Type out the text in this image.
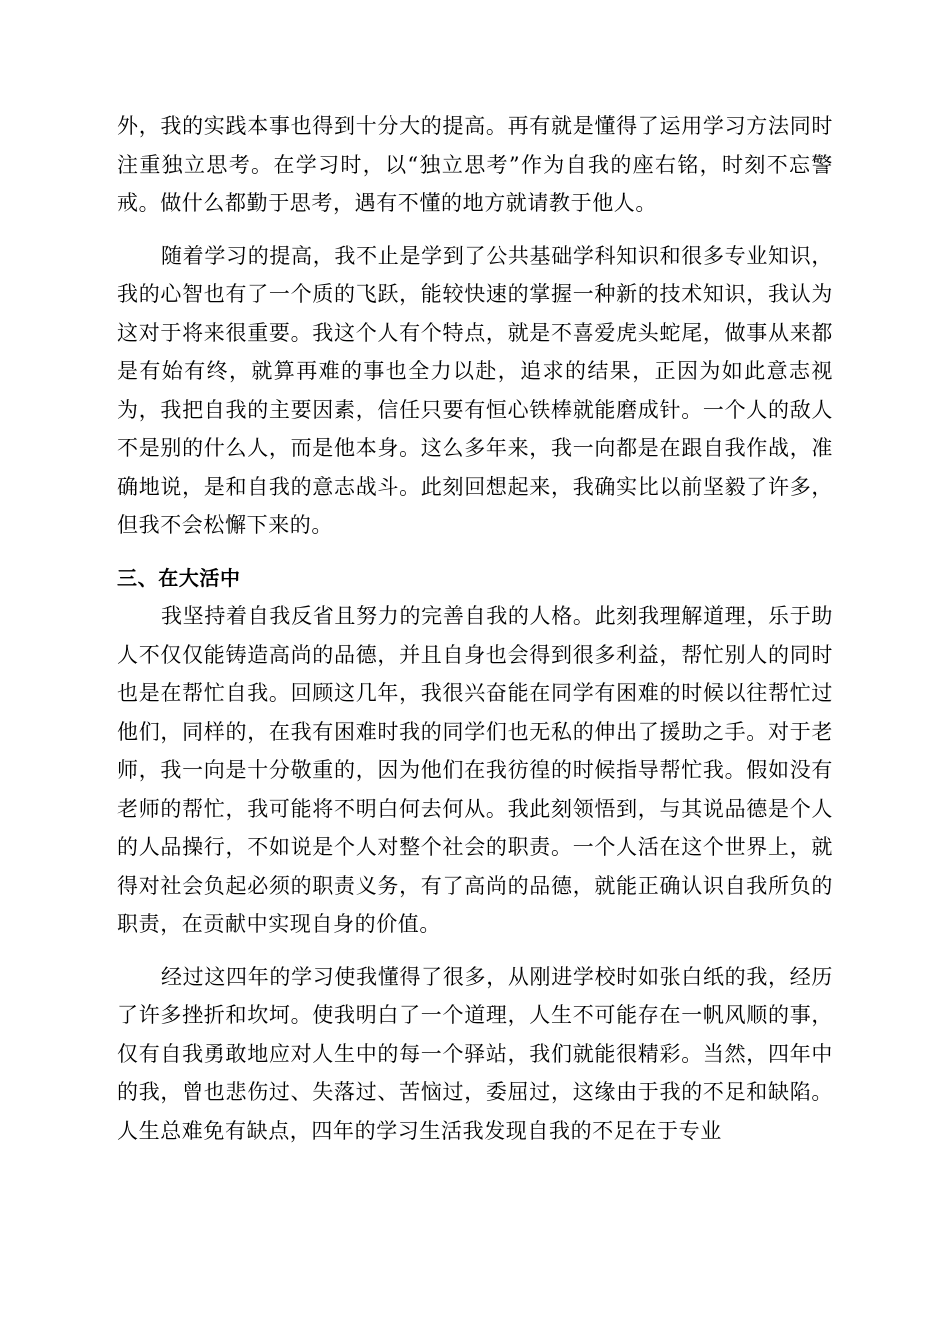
外，我的实践本事也得到十分大的提高。再有就是懂得了运用学习方法同时注重独立思考。在学习时，以“独立思考”作为自我的座右铭，时刻不忘警戒。做什么都勤于思考，遇有不懂的地方就请教于他人。

随着学习的提高，我不止是学到了公共基础学科知识和很多专业知识，我的心智也有了一个质的飞跃，能较快速的掌握一种新的技术知识，我认为这对于将来很重要。我这个人有个特点，就是不喜爱虎头蛇尾，做事从来都是有始有终，就算再难的事也全力以赴，追求的结果，正因为如此意志视为，我把自我的主要因素，信任只要有恒心铁棒就能磨成针。一个人的敌人不是别的什么人，而是他本身。这么多年来，我一向都是在跟自我作战，准确地说，是和自我的意志战斗。此刻回想起来，我确实比以前坚毅了许多，但我不会松懈下来的。

三、在大活中

我坚持着自我反省且努力的完善自我的人格。此刻我理解道理，乐于助人不仅仅能铸造高尚的品德，并且自身也会得到很多利益，帮忙别人的同时也是在帮忙自我。回顾这几年，我很兴奋能在同学有困难的时候以往帮忙过他们，同样的，在我有困难时我的同学们也无私的伸出了援助之手。对于老师，我一向是十分敬重的，因为他们在我彷徨的时候指导帮忙我。假如没有老师的帮忙，我可能将不明白何去何从。我此刻领悟到，与其说品德是个人的人品操行，不如说是个人对整个社会的职责。一个人活在这个世界上，就得对社会负起必须的职责义务，有了高尚的品德，就能正确认识自我所负的职责，在贡献中实现自身的价值。

经过这四年的学习使我懂得了很多，从刚进学校时如张白纸的我，经历了许多挫折和坎坷。使我明白了一个道理，人生不可能存在一帆风顺的事，仅有自我勇敢地应对人生中的每一个驿站，我们就能很精彩。当然，四年中的我，曾也悲伤过、失落过、苦恼过，委屈过，这缘由于我的不足和缺陷。人生总难免有缺点，四年的学习生活我发现自我的不足在于专业
